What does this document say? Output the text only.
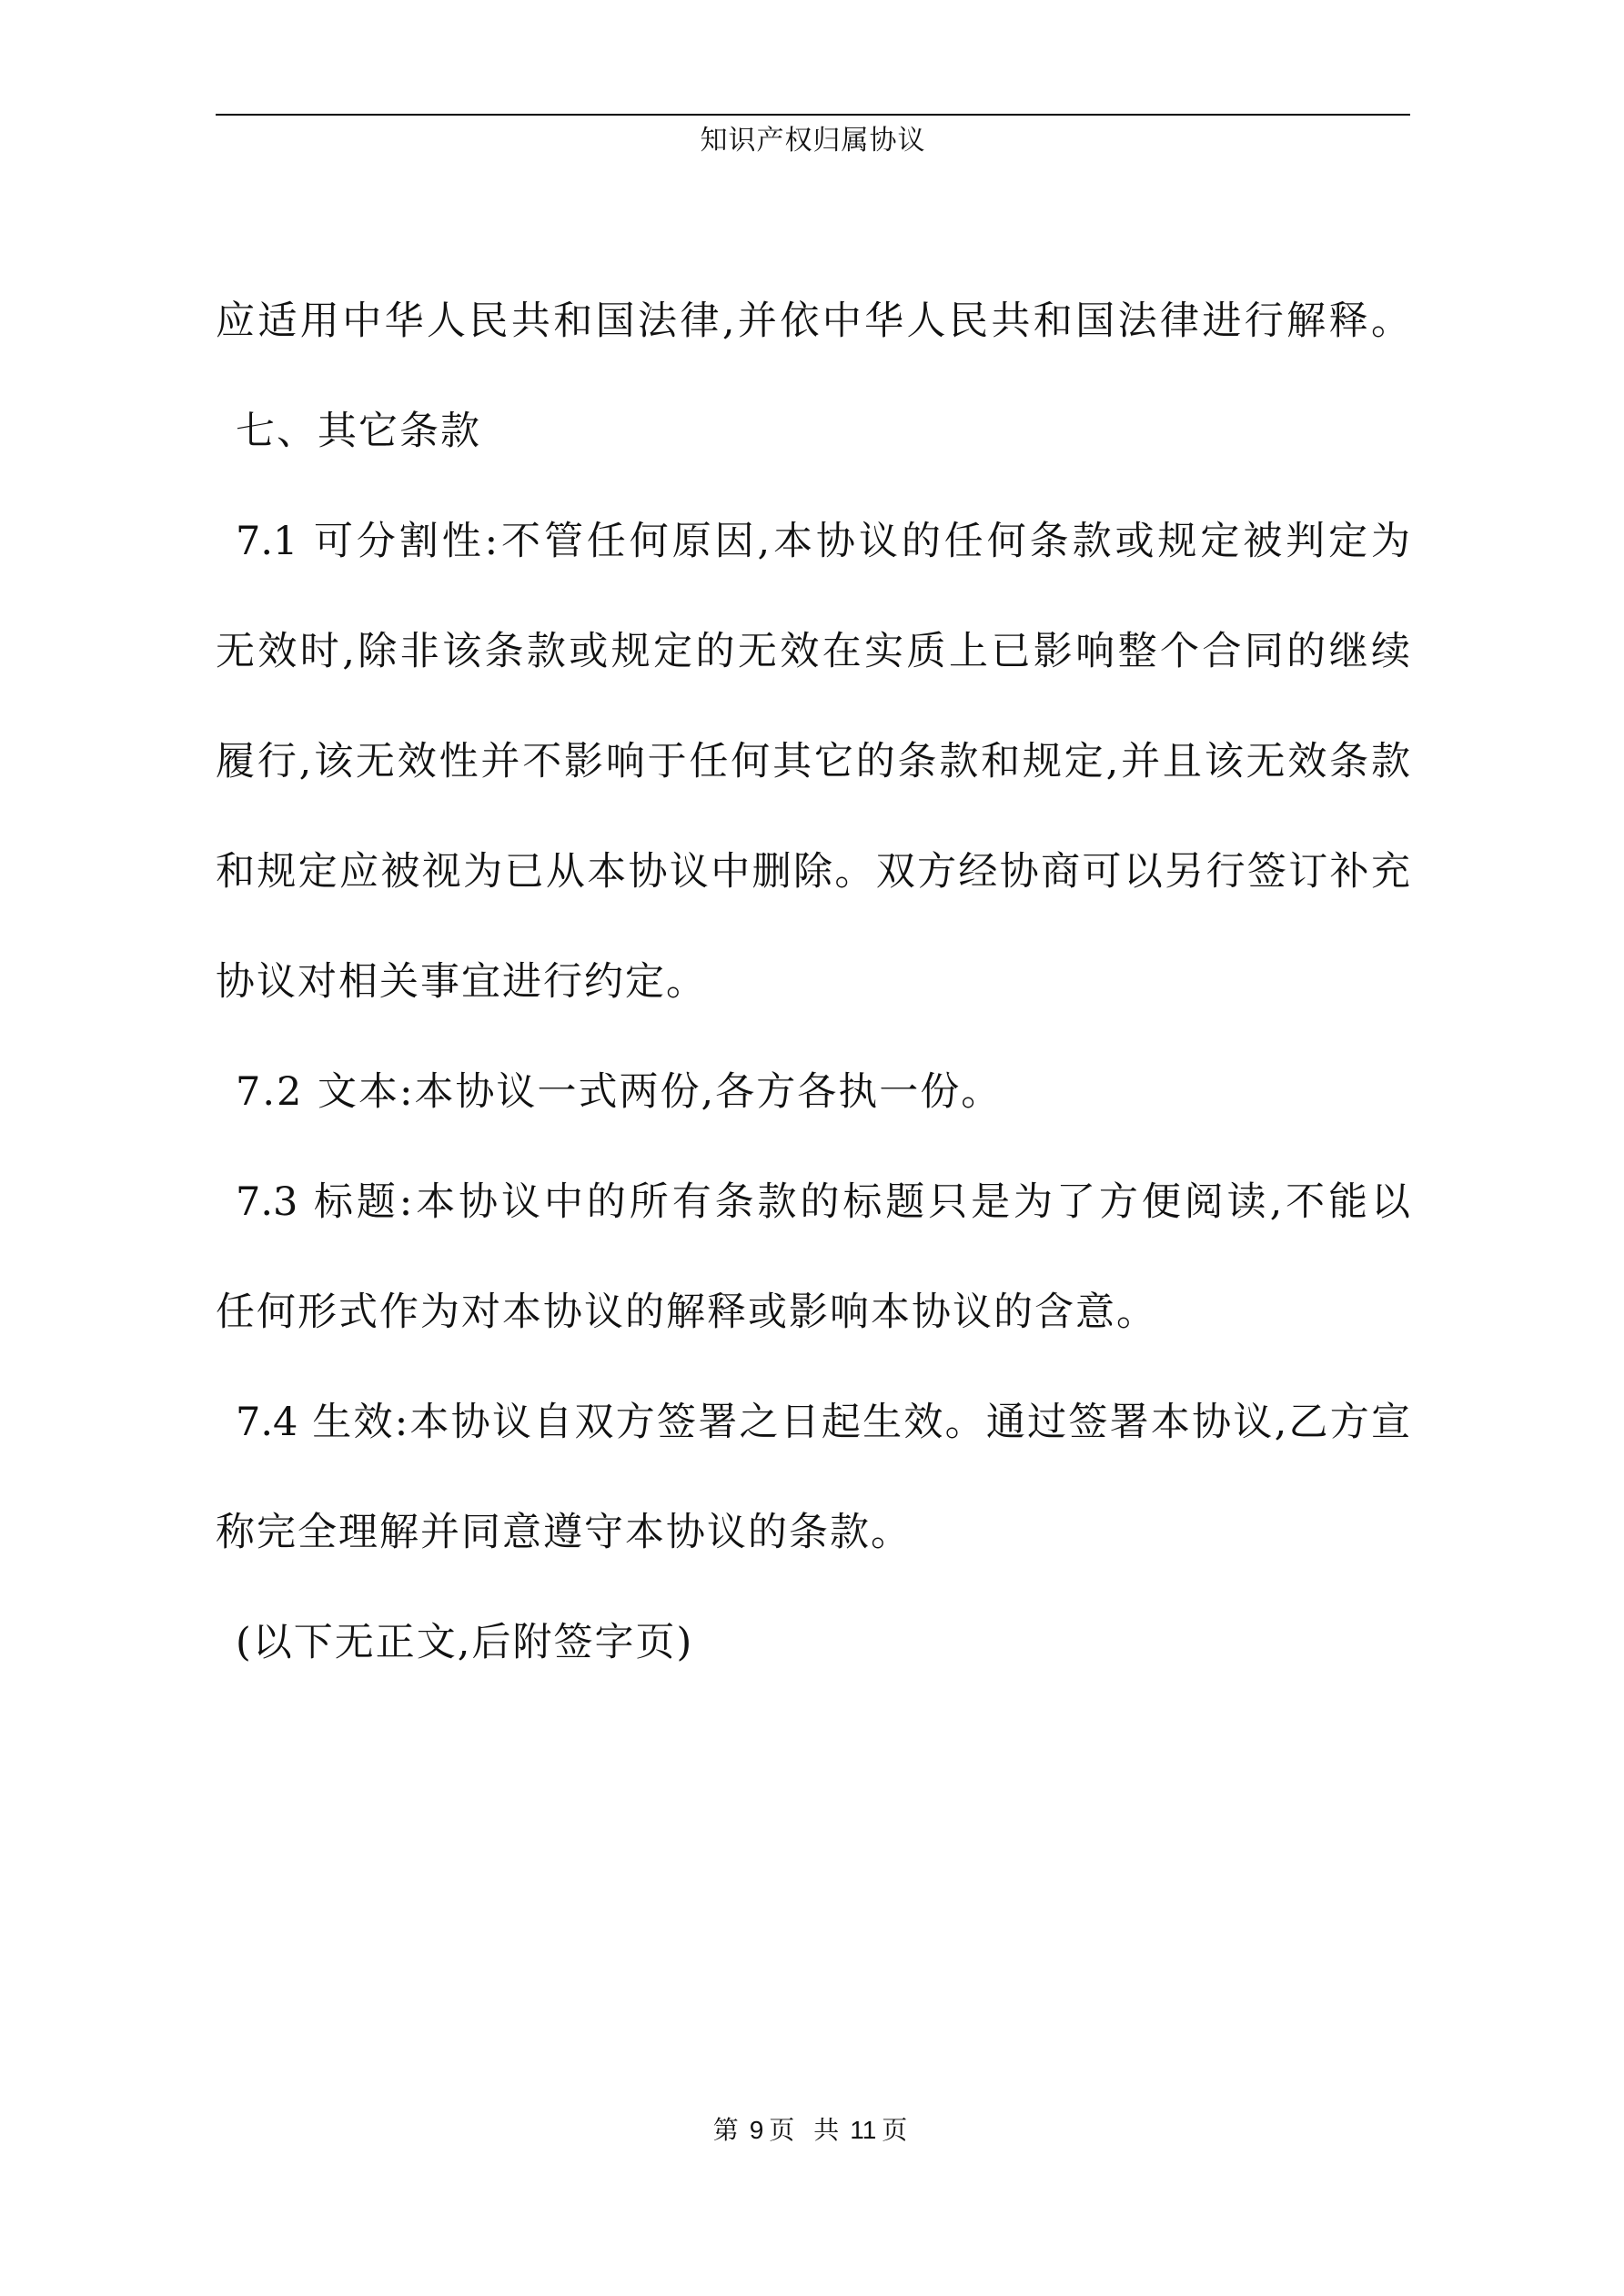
知识产权归属协议
应适用中华人民共和国法律,并依中华人民共和国法律进行解释。
七、其它条款
7.1 可分割性:不管任何原因,本协议的任何条款或规定被判定为
无效时,除非该条款或规定的无效在实质上已影响整个合同的继续
履行,该无效性并不影响于任何其它的条款和规定,并且该无效条款
和规定应被视为已从本协议中删除。双方经协商可以另行签订补充
协议对相关事宜进行约定。
7.2 文本:本协议一式两份,各方各执一份。
7.3 标题:本协议中的所有条款的标题只是为了方便阅读,不能以
任何形式作为对本协议的解释或影响本协议的含意。
7.4 生效:本协议自双方签署之日起生效。通过签署本协议,乙方宣
称完全理解并同意遵守本协议的条款。
(以下无正文,后附签字页)
第 9 页 共 11 页
